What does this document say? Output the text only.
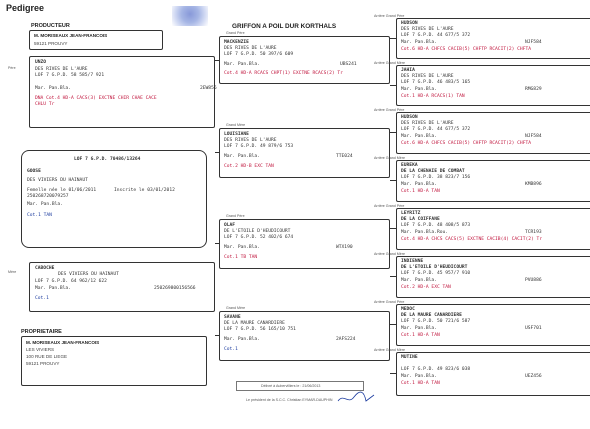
Pedigree
GRIFFON A POIL DUR KORTHALS
PRODUCTEUR
M. MORISEAUX JEAN-FRANCOIS
59121 PROUVY
Père
UNZO
DES RIVES DE L'AURE
LOF 7 G.P.D. 58 585/7 921
Mar. Pan.Bla.	2EW856
DNA Cot.4 HD-A CACS(3) EXCTNE CHIR CHAE CACE
CHLU Tr
LOF 7 G.P.D. 70486/13264
GOOSE
DES VIVIERS DU HAINAUT
Femelle née le 01/06/2011	Inscrite le 03/01/2012
250268720079257
Mar. Pan.Bla.
Cot.1 TAN
Mère
CABOCHE
DES VIVIERS DU HAINAUT
LOF 7 G.P.D. 64 962/12 622
Mar. Pan.Bla.	250269800156566
Cot.1
PROPRIETAIRE
M. MORISEAUX JEAN-FRANCOIS
LES VIVIERS
100 RUE DE LIEGE
59121 PROUVY
Grand Père
MACKENZIE
DES RIVES DE L'AURE
LOF 7 G.P.D. 50 397/6 609
Mar. Pan.Bla.	UBS241
Cot.4 HD-A RCACS CHPT(1) EXCTNE RCACS(2) Tr
Grand Mère
LOUISIANE
DES RIVES DE L'AURE
LOF 7 G.P.D. 49 879/6 753
Mar. Pan.Bla.	TTE024
Cot.2 HD-B EXC TAN
Grand Père
OLAF
DE L'ETOILE D'HEUDICOURT
LOF 7 G.P.D. 52 402/6 674
Mar. Pan.Bla.	WTX190
Cot.1 TB TAN
Grand Mère
SAVANE
DE LA MAURE CANARDIERE
LOF 7 G.P.D. 56 165/10 751
Mar. Pan.Bla.	2AFS224
Cot.1
Arrière Grand Père
HUDSON
DES RIVES DE L'AURE
LOF 7 G.P.D. 44 677/5 372
Mar. Pan.Bla.	NJF584
Cot.6 HD-A CHFCS CACIB(5) CHFTP RCACIT(2) CHFTA
Arrière Grand Mère
JAHIA
DES RIVES DE L'AURE
LOF 7 G.P.D. 46 483/5 165
Mar. Pan.Bla.	RMG829
Cot.1 HD-A RCACS(1) TAN
Arrière Grand Père
HUDSON
DES RIVES DE L'AURE
LOF 7 G.P.D. 44 677/5 372
Mar. Pan.Bla.	NJF584
Cot.6 HD-A CHFCS CACIB(5) CHFTP RCACIT(2) CHFTA
Arrière Grand Mère
EUREKA
DE LA CHENAIE DE COMBAT
LOF 7 G.P.D. 38 823/7 156
Mar. Pan.Bla.	KMB896
Cot.1 HD-A TAN
Arrière Grand Père
LEYRITZ
DE LA COIFFANE
LOF 7 G.P.D. 48 408/5 873
Mar. Pan.Bla.Rou.	TCR193
Cot.4 HD-A CHCS CACS(5) EXCTNE CACIB(4) CACIT(2) Tr
Arrière Grand Mère
INDIENNE
DE L'ETOILE D'HEUDICOURT
LOF 7 G.P.D. 45 957/7 910
Mar. Pan.Bla.	PVU886
Cot.2 HD-A EXC TAN
Arrière Grand Père
MEDOC
DE LA MAURE CANARDIERE
LOF 7 G.P.D. 50 721/6 587
Mar. Pan.Bla.	USF701
Cot.1 HD-A TAN
Arrière Grand Mère
MUTINE
LOF 7 G.P.D. 49 823/6 038
Mar. Pan.Bla.	UEZ456
Cot.1 HD-A TAN
Délivré à Aubervilliers le : 21/06/2013
Le président de la S.C.C. Christian EYMAR-DAUPHIN
